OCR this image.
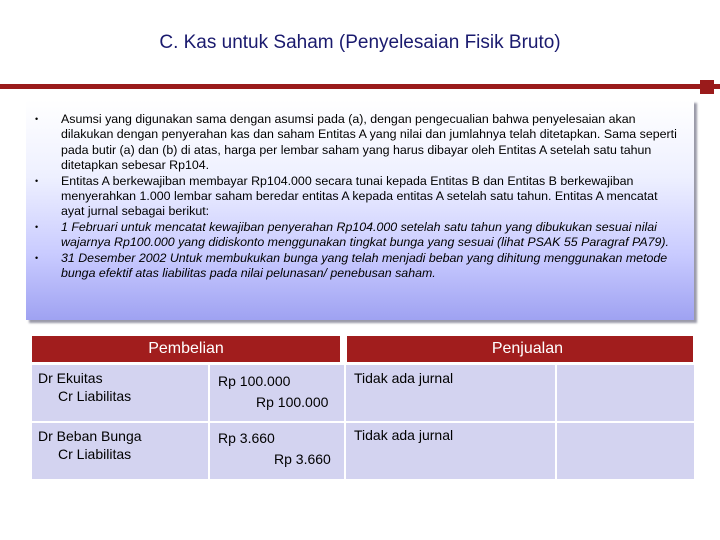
C. Kas untuk Saham (Penyelesaian Fisik Bruto)
• Asumsi yang digunakan sama dengan asumsi pada (a), dengan pengecualian bahwa penyelesaian akan dilakukan dengan penyerahan kas dan saham Entitas A yang nilai dan jumlahnya telah ditetapkan. Sama seperti pada butir (a) dan (b) di atas, harga per lembar saham yang harus dibayar oleh Entitas A setelah satu tahun ditetapkan sebesar Rp104.
• Entitas A berkewajiban membayar Rp104.000 secara tunai kepada Entitas B dan Entitas B berkewajiban menyerahkan 1.000 lembar saham beredar entitas A kepada entitas A setelah satu tahun. Entitas A mencatat ayat jurnal sebagai berikut:
• 1 Februari untuk mencatat kewajiban penyerahan Rp104.000 setelah satu tahun yang dibukukan sesuai nilai wajarnya Rp100.000 yang didiskonto menggunakan tingkat bunga yang sesuai (lihat PSAK 55 Paragraf PA79).
• 31 Desember 2002 Untuk membukukan bunga yang telah menjadi beban yang dihitung menggunakan metode bunga efektif atas liabilitas pada nilai pelunasan/ penebusan saham.
Pembelian	Penjualan
Dr Ekuitas
Cr Liabilitas
Rp 100.000
Rp 100.000
Tidak ada jurnal
Dr Beban Bunga
Cr Liabilitas
Rp 3.660
Rp 3.660
Tidak ada jurnal
